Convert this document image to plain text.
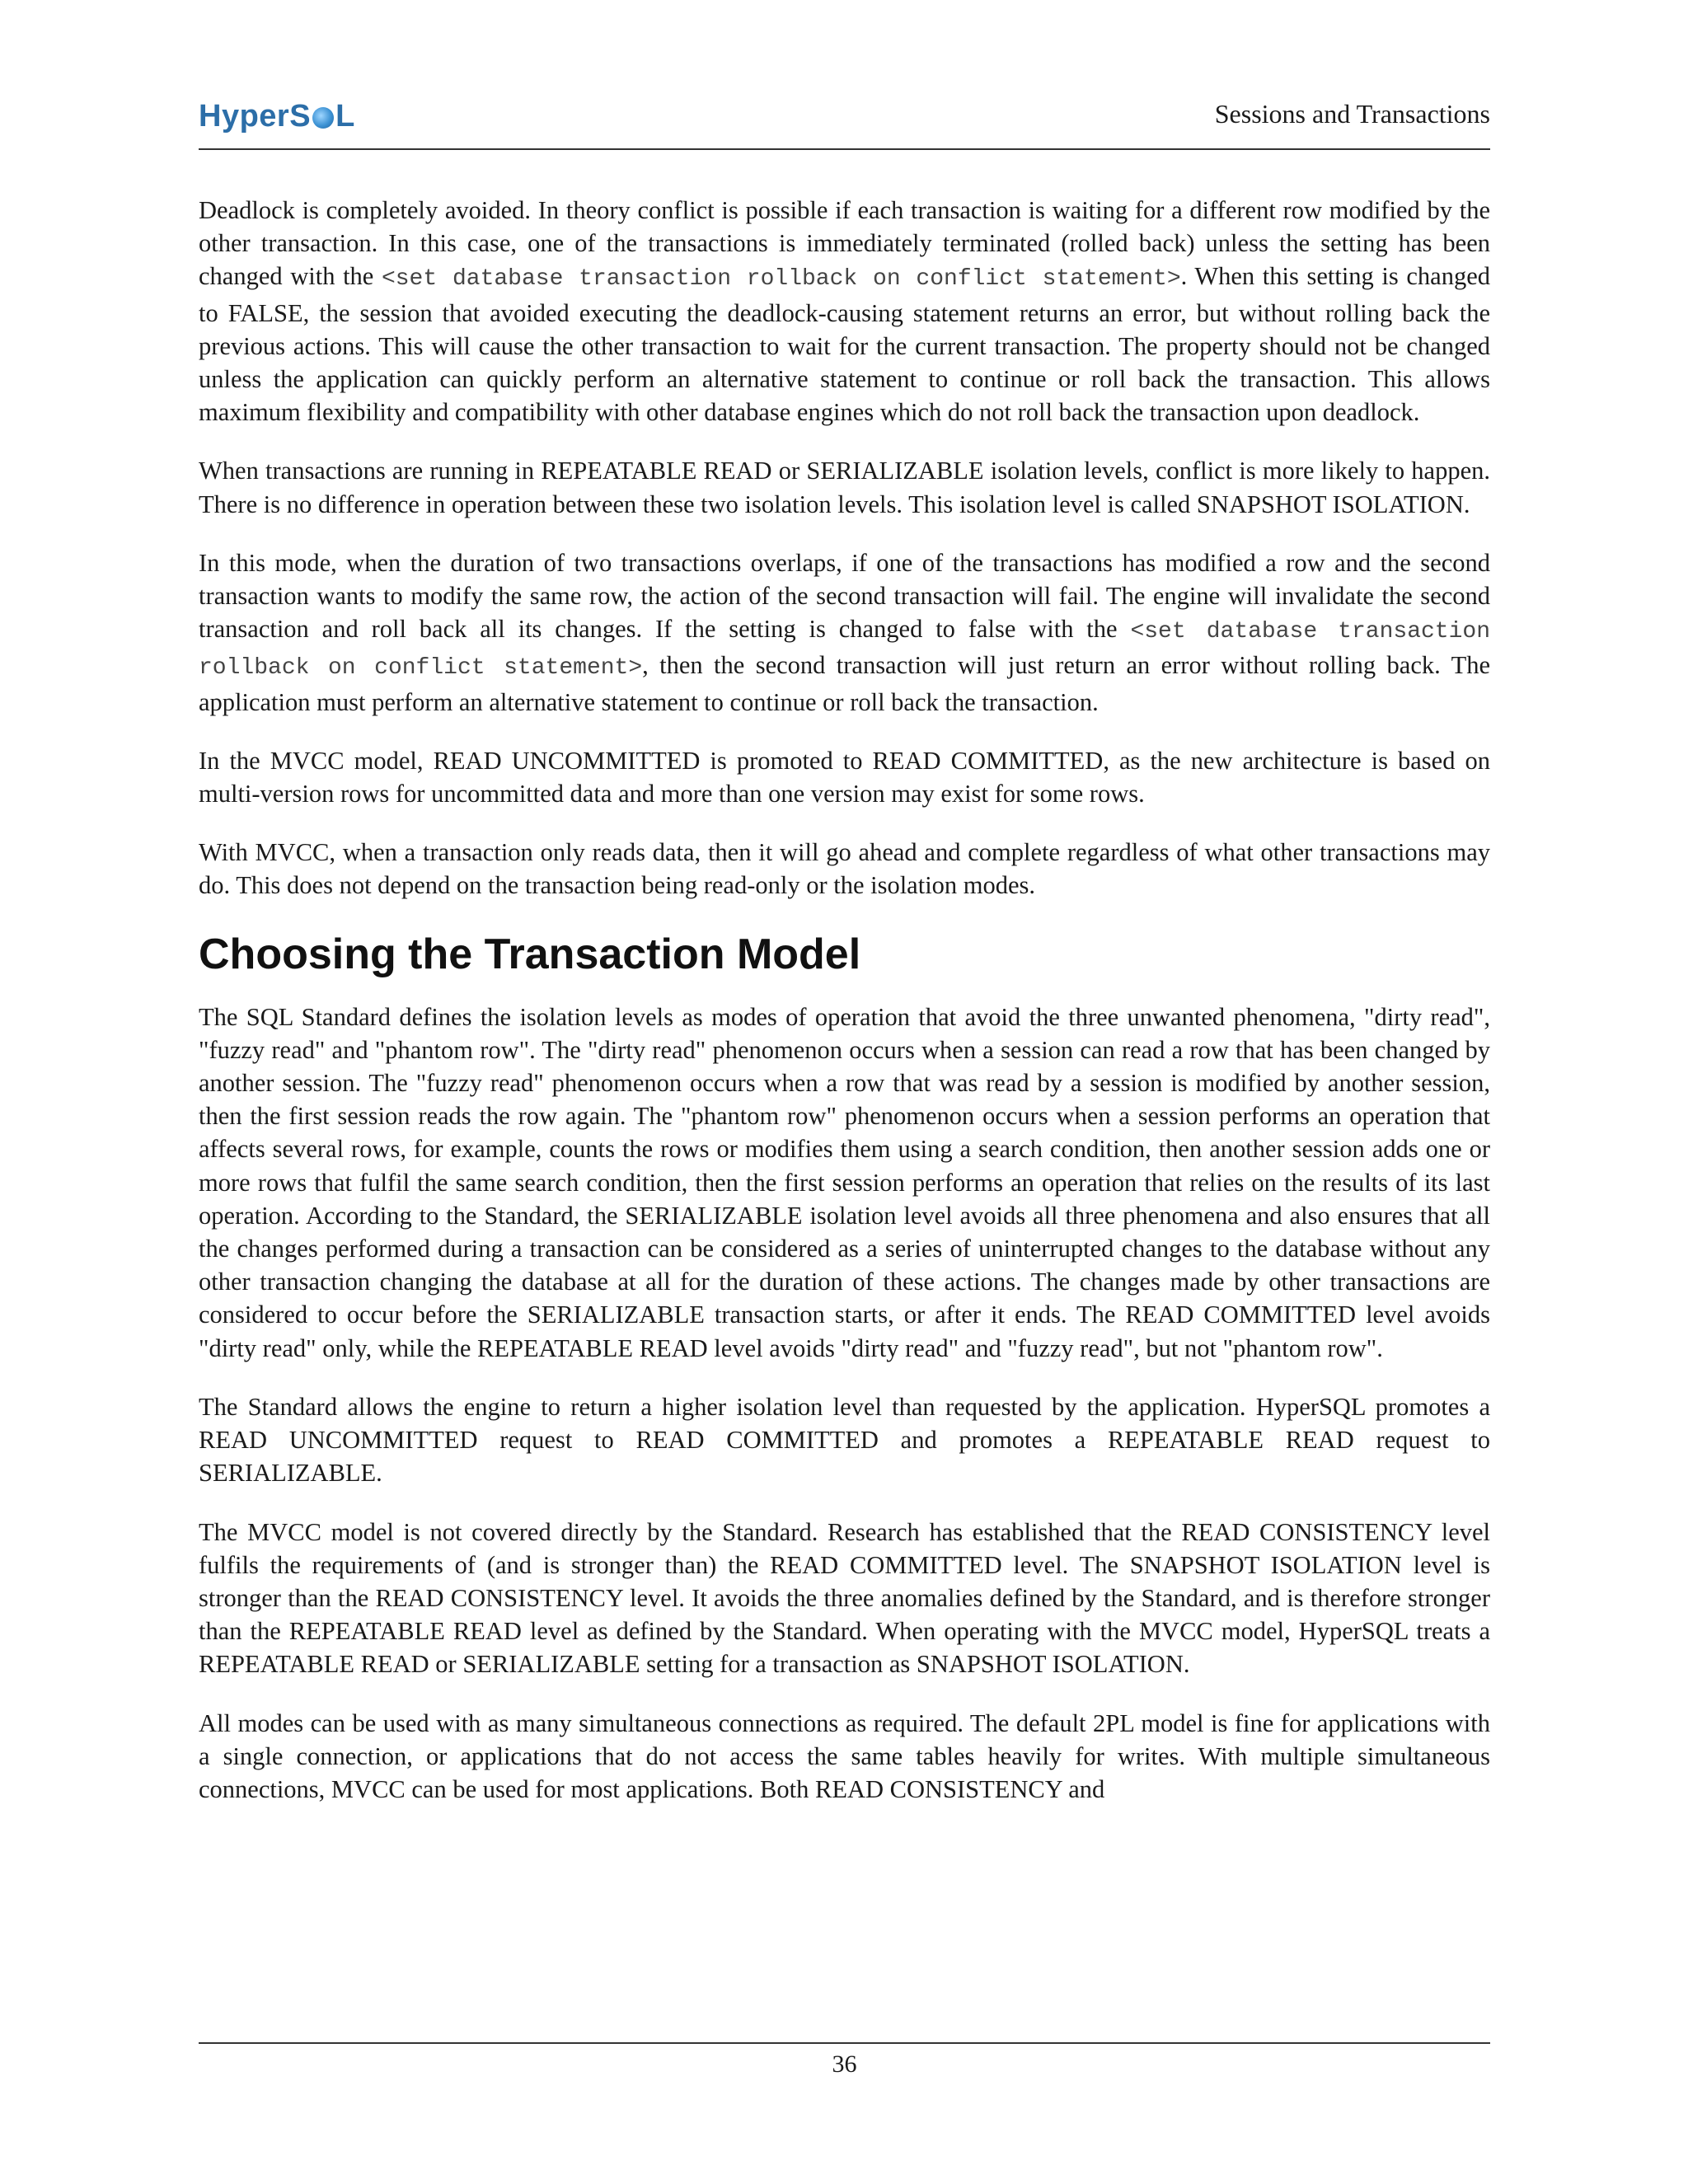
HyperS L	Sessions and Transactions

Deadlock is completely avoided. In theory conflict is possible if each transaction is waiting for a different row modified by the other transaction. In this case, one of the transactions is immediately terminated (rolled back) unless the setting has been changed with the <set database transaction rollback on conflict statement>. When this setting is changed to FALSE, the session that avoided executing the deadlock-causing statement returns an error, but without rolling back the previous actions. This will cause the other transaction to wait for the current transaction. The property should not be changed unless the application can quickly perform an alternative statement to continue or roll back the transaction. This allows maximum flexibility and compatibility with other database engines which do not roll back the transaction upon deadlock.

When transactions are running in REPEATABLE READ or SERIALIZABLE isolation levels, conflict is more likely to happen. There is no difference in operation between these two isolation levels. This isolation level is called SNAPSHOT ISOLATION.

In this mode, when the duration of two transactions overlaps, if one of the transactions has modified a row and the second transaction wants to modify the same row, the action of the second transaction will fail. The engine will invalidate the second transaction and roll back all its changes. If the setting is changed to false with the <set database transaction rollback on conflict statement>, then the second transaction will just return an error without rolling back. The application must perform an alternative statement to continue or roll back the transaction.

In the MVCC model, READ UNCOMMITTED is promoted to READ COMMITTED, as the new architecture is based on multi-version rows for uncommitted data and more than one version may exist for some rows.

With MVCC, when a transaction only reads data, then it will go ahead and complete regardless of what other transactions may do. This does not depend on the transaction being read-only or the isolation modes.

Choosing the Transaction Model

The SQL Standard defines the isolation levels as modes of operation that avoid the three unwanted phenomena, "dirty read", "fuzzy read" and "phantom row". The "dirty read" phenomenon occurs when a session can read a row that has been changed by another session. The "fuzzy read" phenomenon occurs when a row that was read by a session is modified by another session, then the first session reads the row again. The "phantom row" phenomenon occurs when a session performs an operation that affects several rows, for example, counts the rows or modifies them using a search condition, then another session adds one or more rows that fulfil the same search condition, then the first session performs an operation that relies on the results of its last operation. According to the Standard, the SERIALIZABLE isolation level avoids all three phenomena and also ensures that all the changes performed during a transaction can be considered as a series of uninterrupted changes to the database without any other transaction changing the database at all for the duration of these actions. The changes made by other transactions are considered to occur before the SERIALIZABLE transaction starts, or after it ends. The READ COMMITTED level avoids "dirty read" only, while the REPEATABLE READ level avoids "dirty read" and "fuzzy read", but not "phantom row".

The Standard allows the engine to return a higher isolation level than requested by the application. HyperSQL promotes a READ UNCOMMITTED request to READ COMMITTED and promotes a REPEATABLE READ request to SERIALIZABLE.

The MVCC model is not covered directly by the Standard. Research has established that the READ CONSISTENCY level fulfils the requirements of (and is stronger than) the READ COMMITTED level. The SNAPSHOT ISOLATION level is stronger than the READ CONSISTENCY level. It avoids the three anomalies defined by the Standard, and is therefore stronger than the REPEATABLE READ level as defined by the Standard. When operating with the MVCC model, HyperSQL treats a REPEATABLE READ or SERIALIZABLE setting for a transaction as SNAPSHOT ISOLATION.

All modes can be used with as many simultaneous connections as required. The default 2PL model is fine for applications with a single connection, or applications that do not access the same tables heavily for writes. With multiple simultaneous connections, MVCC can be used for most applications. Both READ CONSISTENCY and

36
